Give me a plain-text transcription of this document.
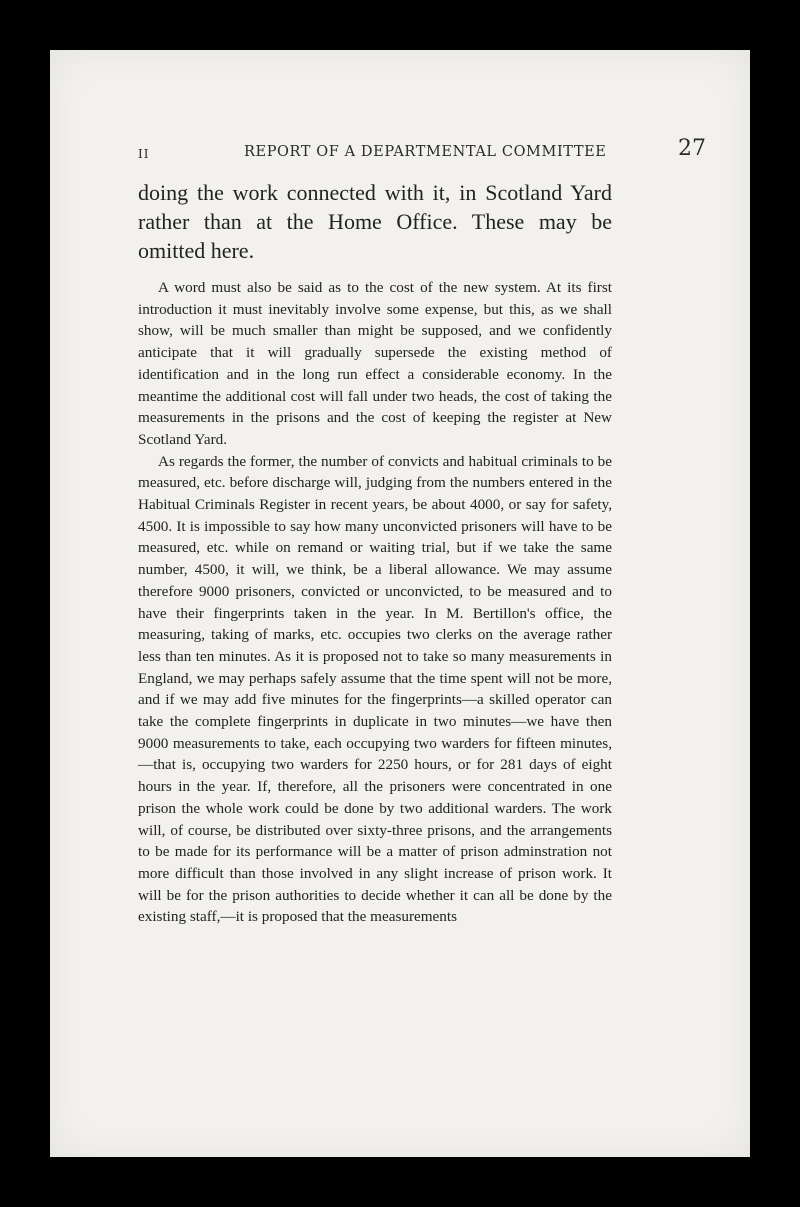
II	REPORT OF A DEPARTMENTAL COMMITTEE	27

doing the work connected with it, in Scotland Yard rather than at the Home Office. These may be omitted here.

A word must also be said as to the cost of the new system. At its first introduction it must inevitably involve some expense, but this, as we shall show, will be much smaller than might be supposed, and we confidently anticipate that it will gradually supersede the existing method of identification and in the long run effect a considerable economy. In the meantime the additional cost will fall under two heads, the cost of taking the measurements in the prisons and the cost of keeping the register at New Scotland Yard.

As regards the former, the number of convicts and habitual criminals to be measured, etc. before discharge will, judging from the numbers entered in the Habitual Criminals Register in recent years, be about 4000, or say for safety, 4500. It is impossible to say how many unconvicted prisoners will have to be measured, etc. while on remand or waiting trial, but if we take the same number, 4500, it will, we think, be a liberal allowance. We may assume therefore 9000 prisoners, convicted or unconvicted, to be measured and to have their fingerprints taken in the year. In M. Bertillon's office, the measuring, taking of marks, etc. occupies two clerks on the average rather less than ten minutes. As it is proposed not to take so many measurements in England, we may perhaps safely assume that the time spent will not be more, and if we may add five minutes for the fingerprints—a skilled operator can take the complete fingerprints in duplicate in two minutes—we have then 9000 measurements to take, each occupying two warders for fifteen minutes,—that is, occupying two warders for 2250 hours, or for 281 days of eight hours in the year. If, therefore, all the prisoners were concentrated in one prison the whole work could be done by two additional warders. The work will, of course, be distributed over sixty-three prisons, and the arrangements to be made for its performance will be a matter of prison adminstration not more difficult than those involved in any slight increase of prison work. It will be for the prison authorities to decide whether it can all be done by the existing staff,—it is proposed that the measurements
